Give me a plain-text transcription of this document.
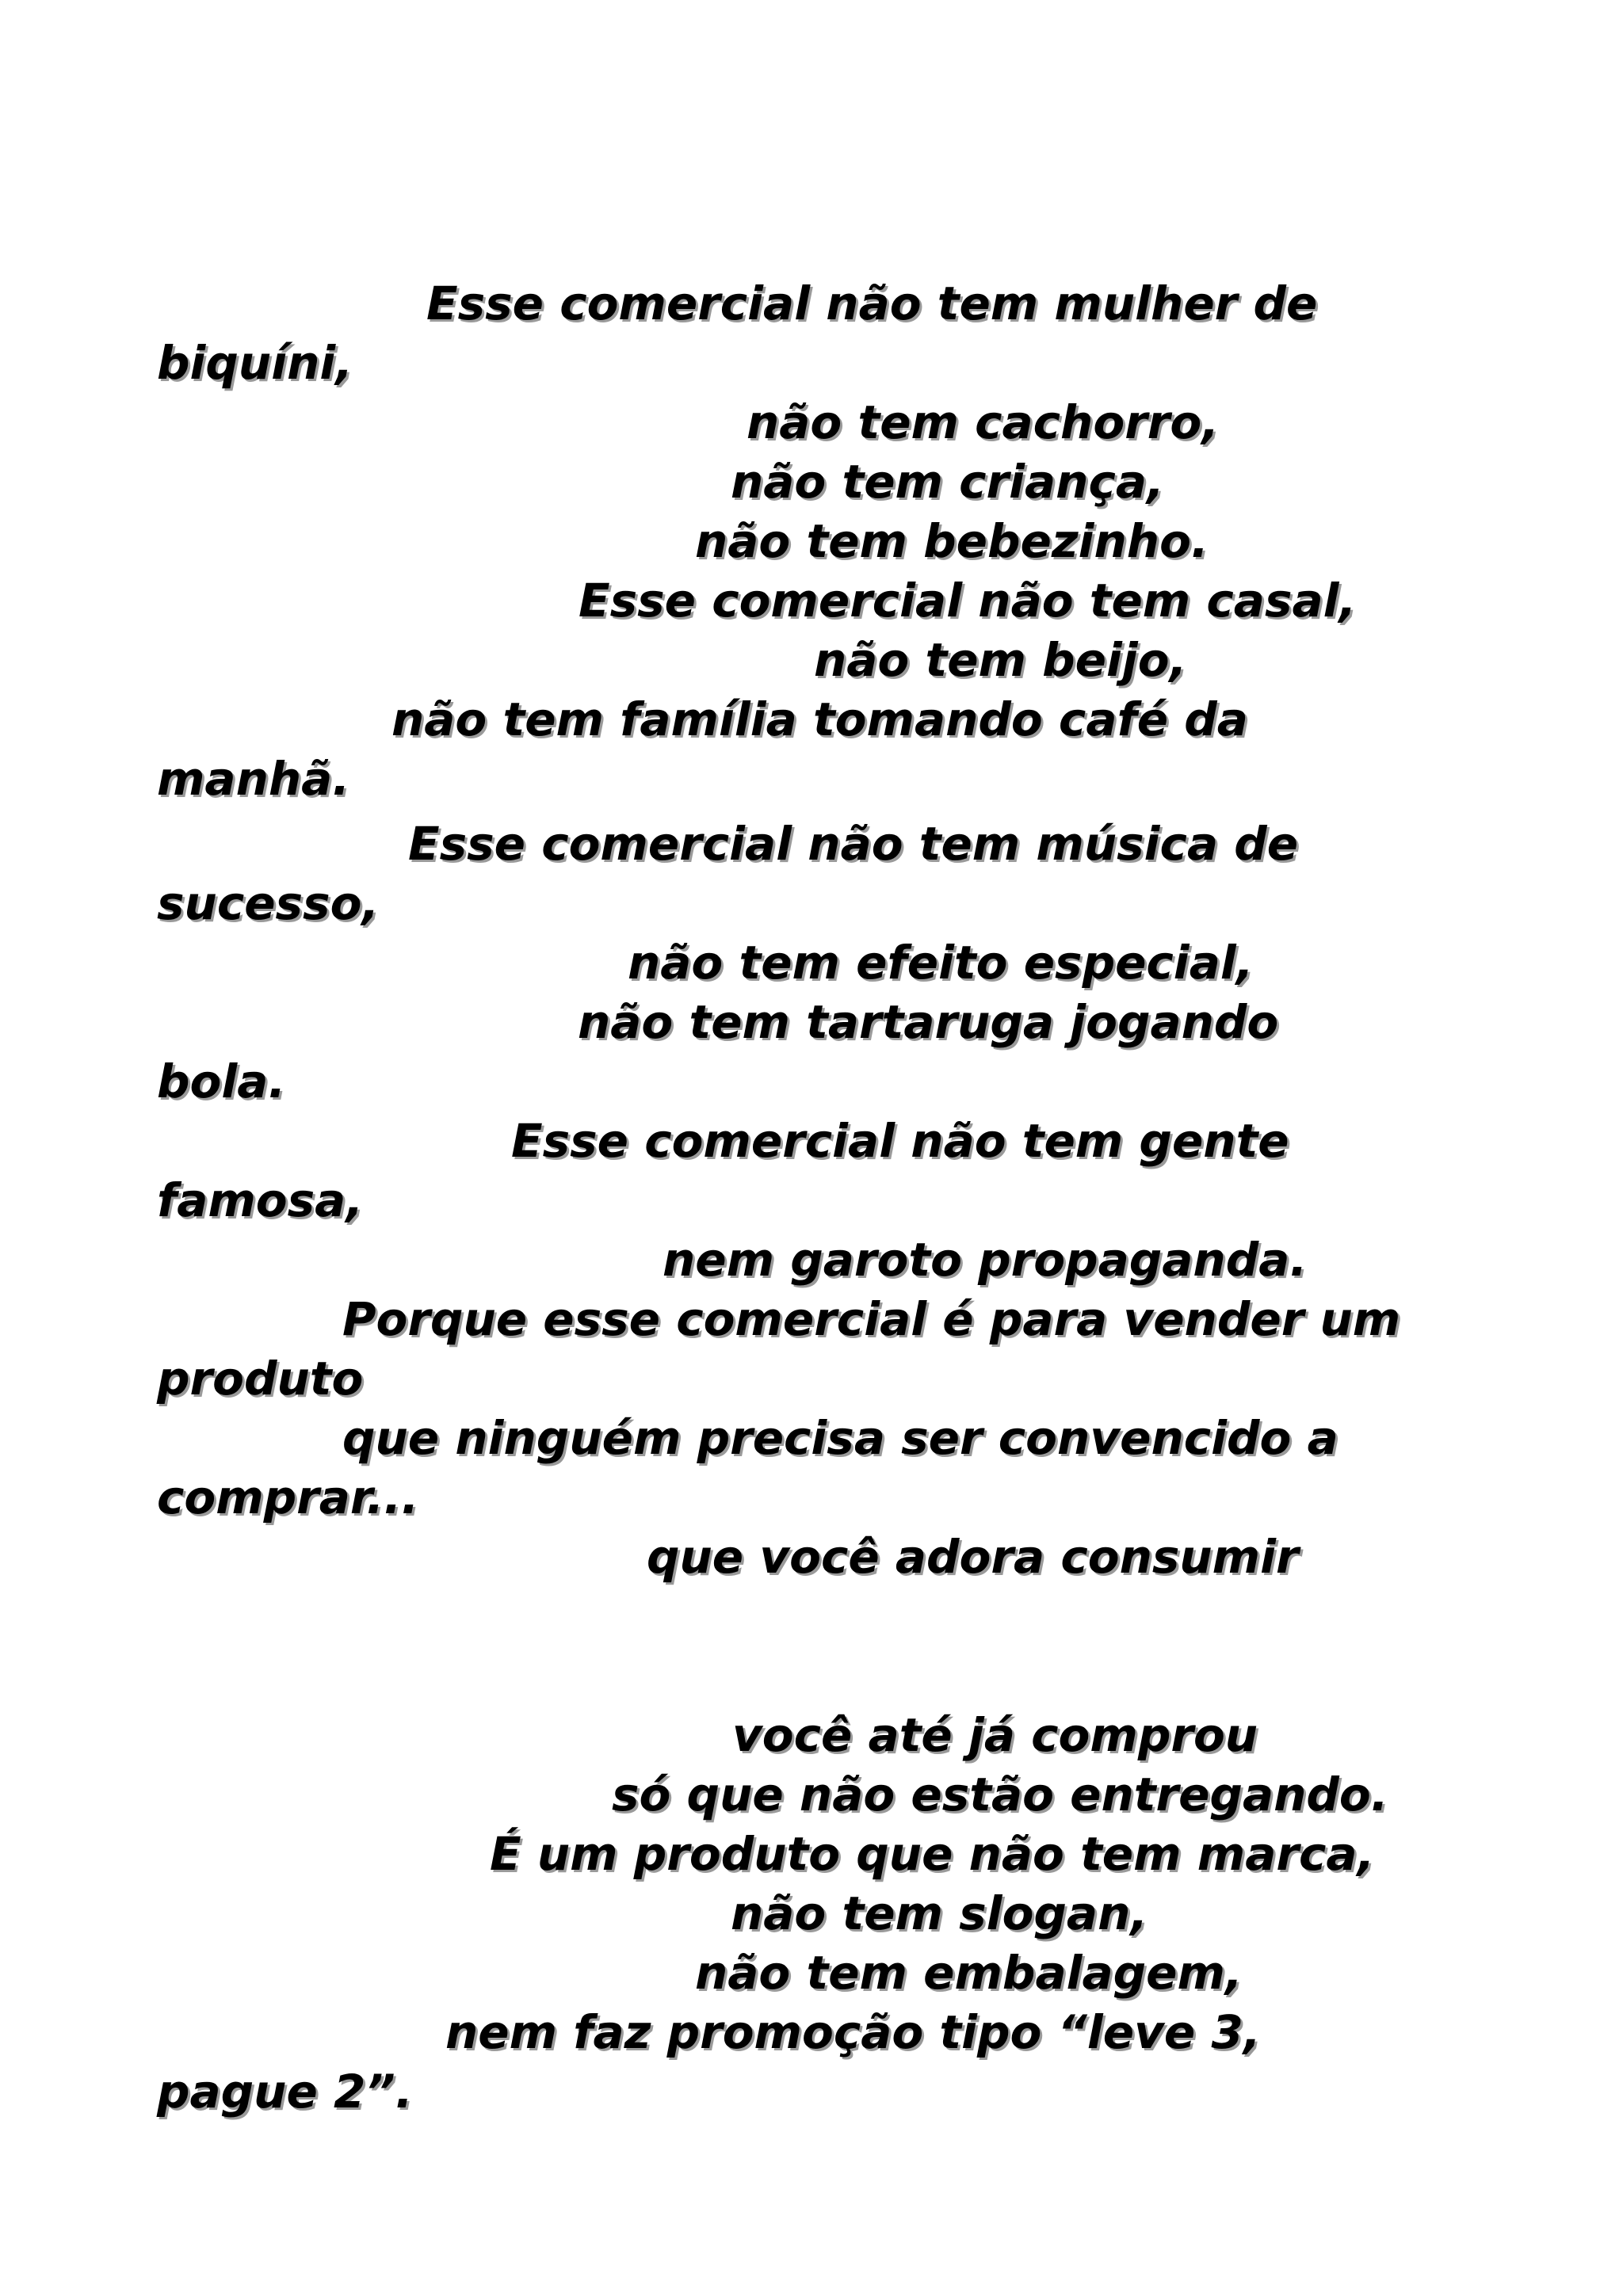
Esse comercial não tem mulher de
biquíni,
não tem cachorro,
não tem criança,
não tem bebezinho.
Esse comercial não tem casal,
não tem beijo,
não tem família tomando café da
manhã.
Esse comercial não tem música de
sucesso,
não tem efeito especial,
não tem tartaruga jogando
bola.
Esse comercial não tem gente
famosa,
nem garoto propaganda.
Porque esse comercial é para vender um
produto
que ninguém precisa ser convencido a
comprar...
que você adora consumir
você até já comprou
só que não estão entregando.
É um produto que não tem marca,
não tem slogan,
não tem embalagem,
nem faz promoção tipo “leve 3,
pague 2”.
